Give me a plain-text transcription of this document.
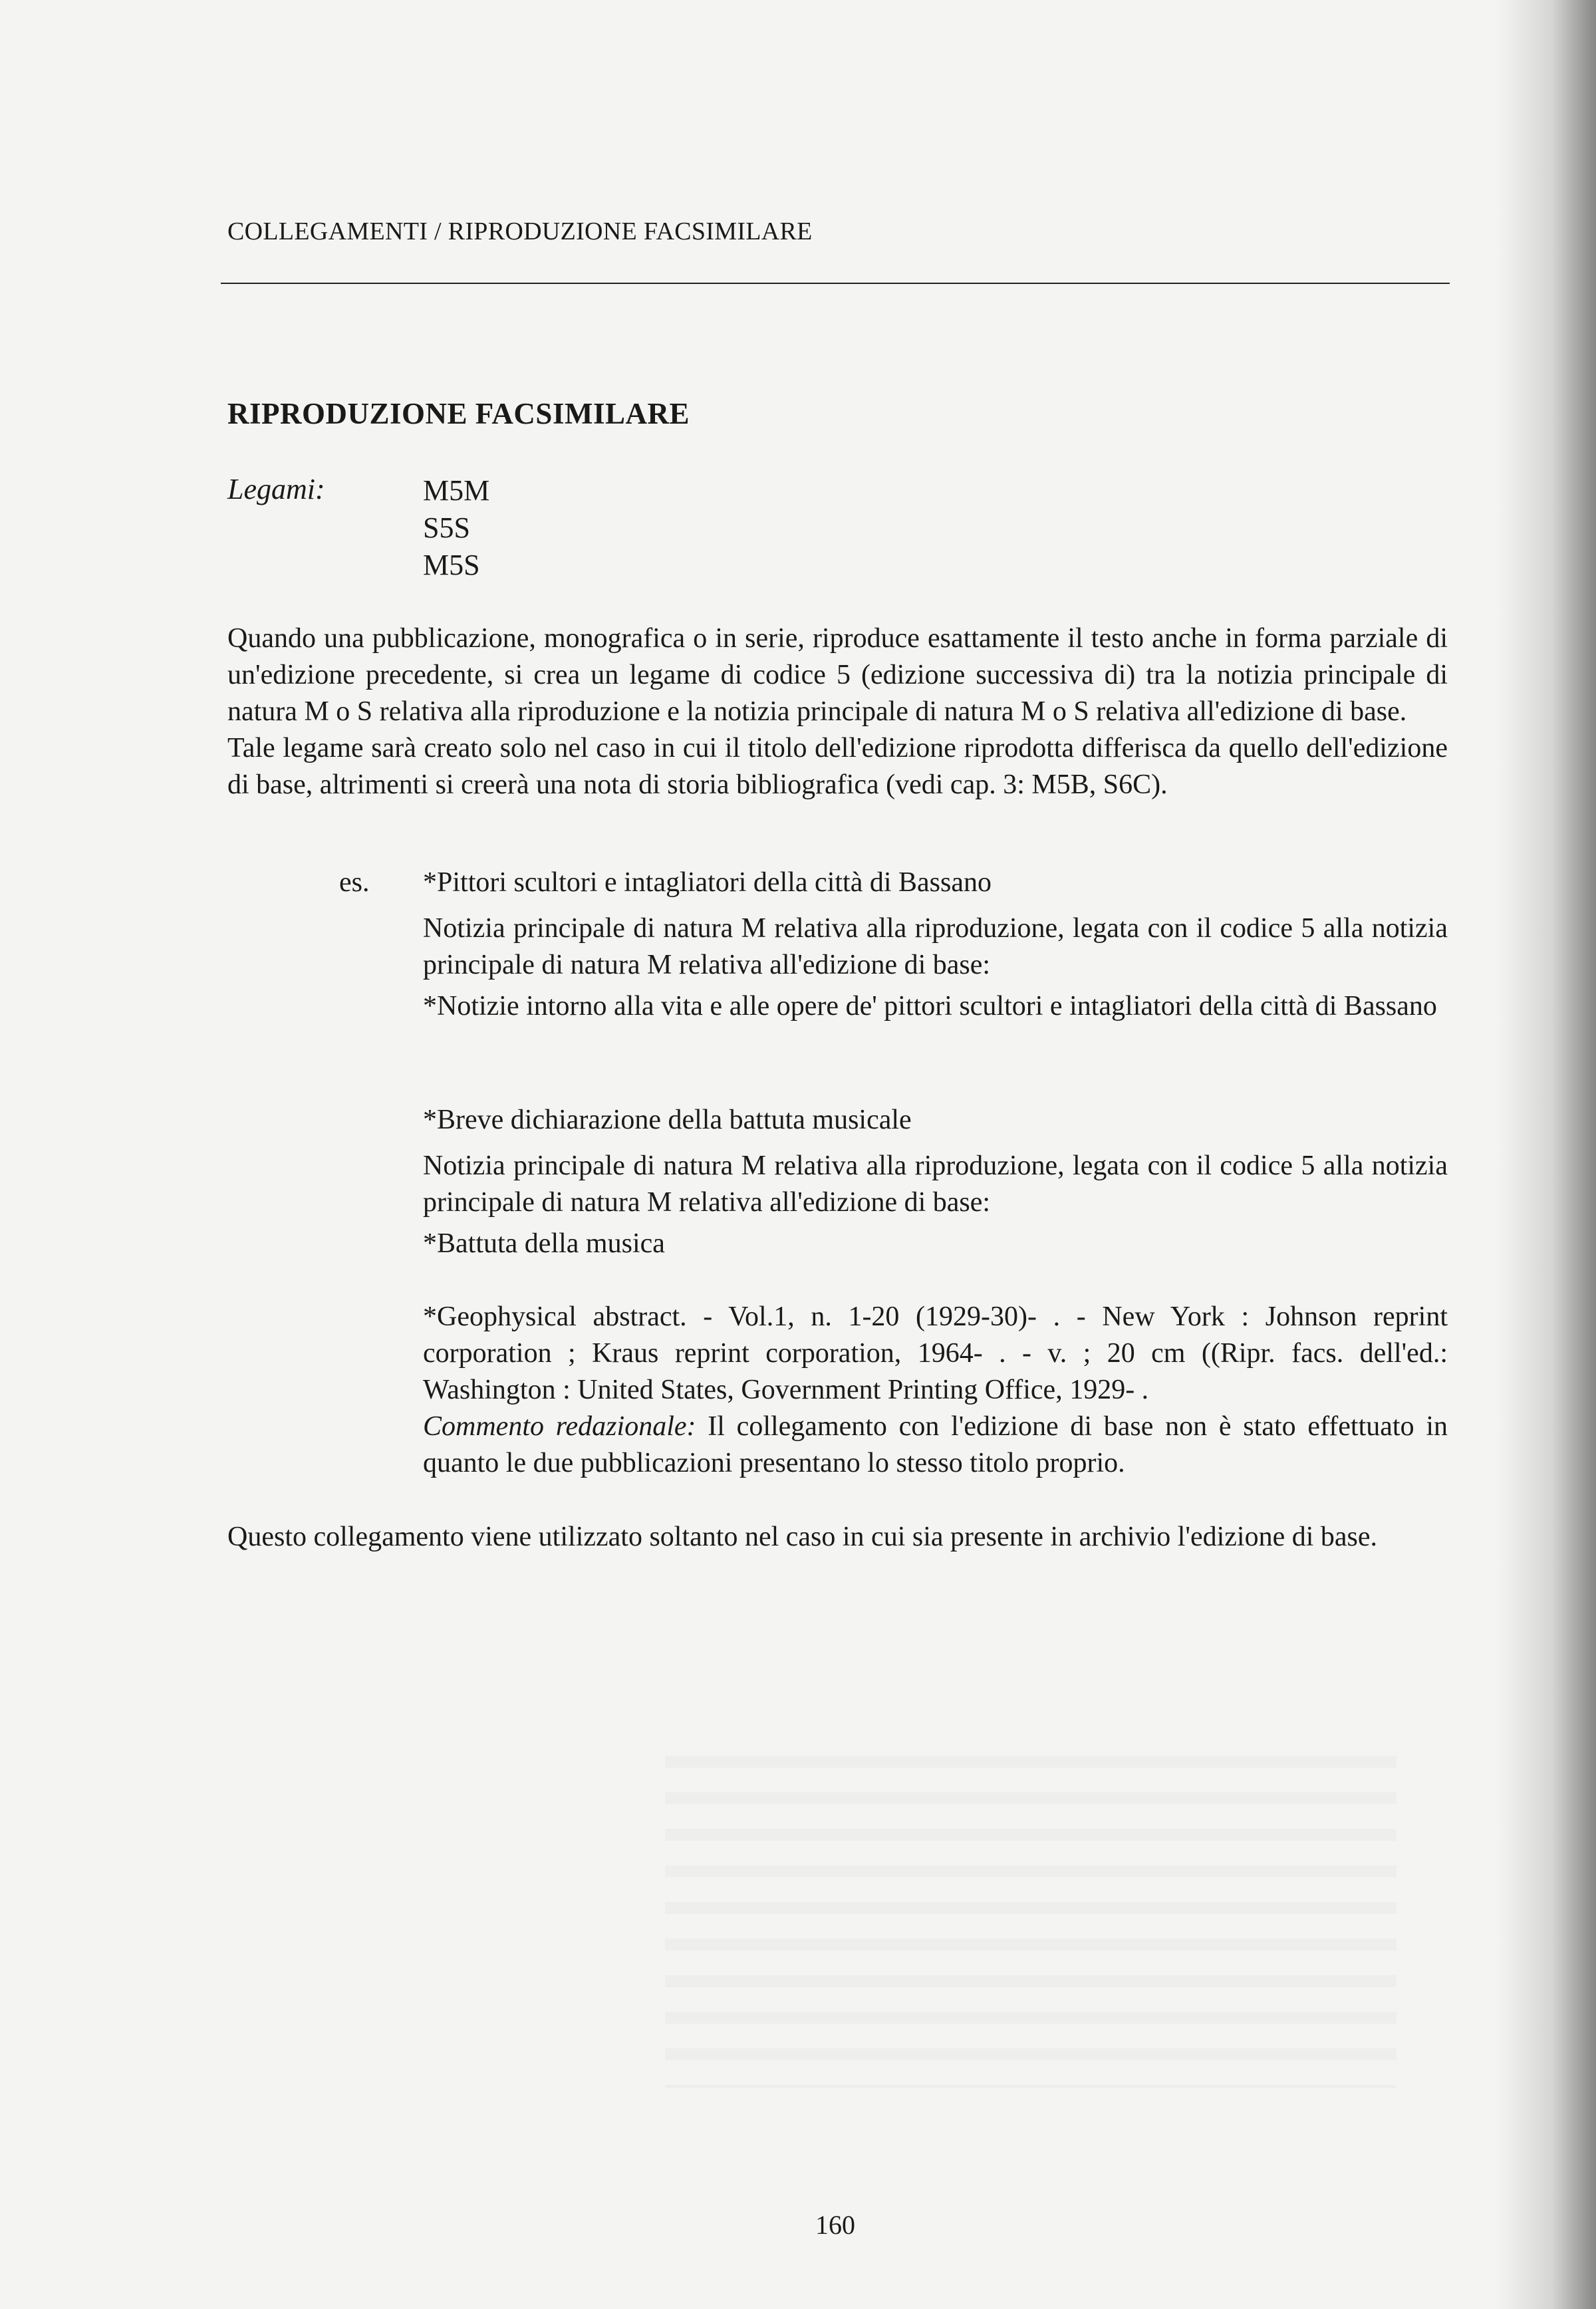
COLLEGAMENTI / RIPRODUZIONE FACSIMILARE
RIPRODUZIONE FACSIMILARE
Legami:	M5M
S5S
M5S

Quando una pubblicazione, monografica o in serie, riproduce esattamente il testo anche in forma parziale di un'edizione precedente, si crea un legame di codice 5 (edizione successiva di) tra la notizia principale di natura M o S relativa alla riproduzione e la notizia principale di natura M o S relativa all'edizione di base.

Tale legame sarà creato solo nel caso in cui il titolo dell'edizione riprodotta differisca da quello dell'edizione di base, altrimenti si creerà una nota di storia bibliografica (vedi cap. 3: M5B, S6C).

es. *Pittori scultori e intagliatori della città di Bassano
Notizia principale di natura M relativa alla riproduzione, legata con il codice 5 alla notizia principale di natura M relativa all'edizione di base:
*Notizie intorno alla vita e alle opere de' pittori scultori e intagliatori della città di Bassano
*Breve dichiarazione della battuta musicale
Notizia principale di natura M relativa alla riproduzione, legata con il codice 5 alla notizia principale di natura M relativa all'edizione di base:
*Battuta della musica

*Geophysical abstract. - Vol.1, n. 1-20 (1929-30)- . - New York : Johnson reprint corporation ; Kraus reprint corporation, 1964- . - v. ; 20 cm ((Ripr. facs. dell'ed.: Washington : United States, Government Printing Office, 1929- .

Commento redazionale: Il collegamento con l'edizione di base non è stato effettuato in quanto le due pubblicazioni presentano lo stesso titolo proprio.

Questo collegamento viene utilizzato soltanto nel caso in cui sia presente in archivio l'edizione di base.
160
